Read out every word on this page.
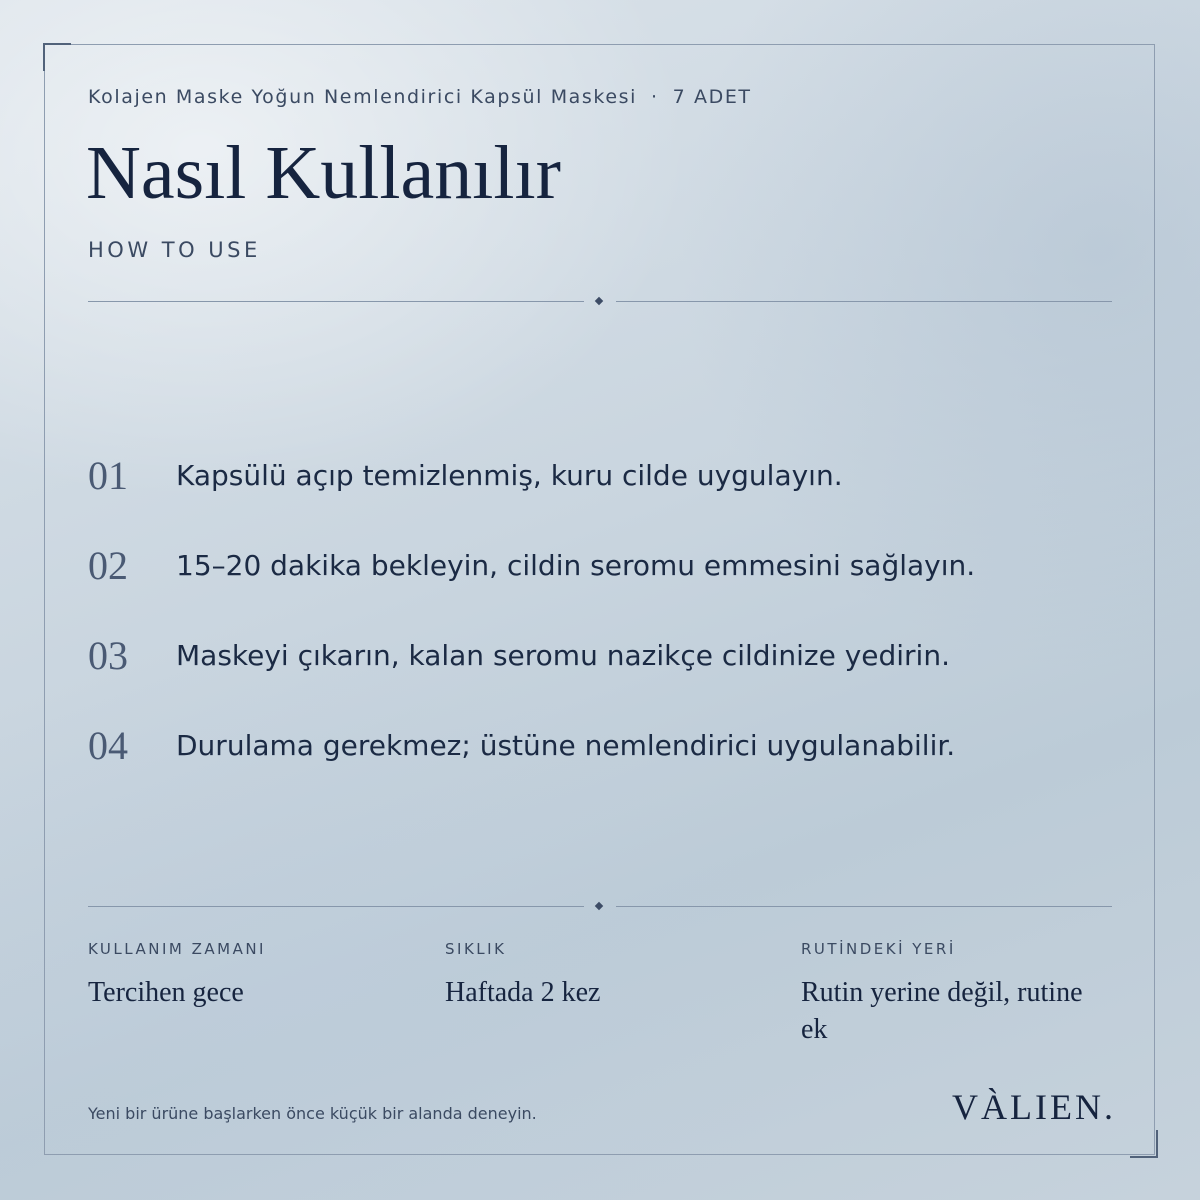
Kolajen Maske Yoğun Nemlendirici Kapsül Maskesi · 7 ADET
Nasıl Kullanılır
HOW TO USE
01 Kapsülü açıp temizlenmiş, kuru cilde uygulayın.
02 15–20 dakika bekleyin, cildin seromu emmesini sağlayın.
03 Maskeyi çıkarın, kalan seromu nazikçe cildinize yedirin.
04 Durulama gerekmez; üstüne nemlendirici uygulanabilir.
KULLANIM ZAMANI
Tercihen gece
SIKLIK
Haftada 2 kez
RUTİNDEKİ YERİ
Rutin yerine değil, rutine ek
Yeni bir ürüne başlarken önce küçük bir alanda deneyin.	VÀLIEN.
